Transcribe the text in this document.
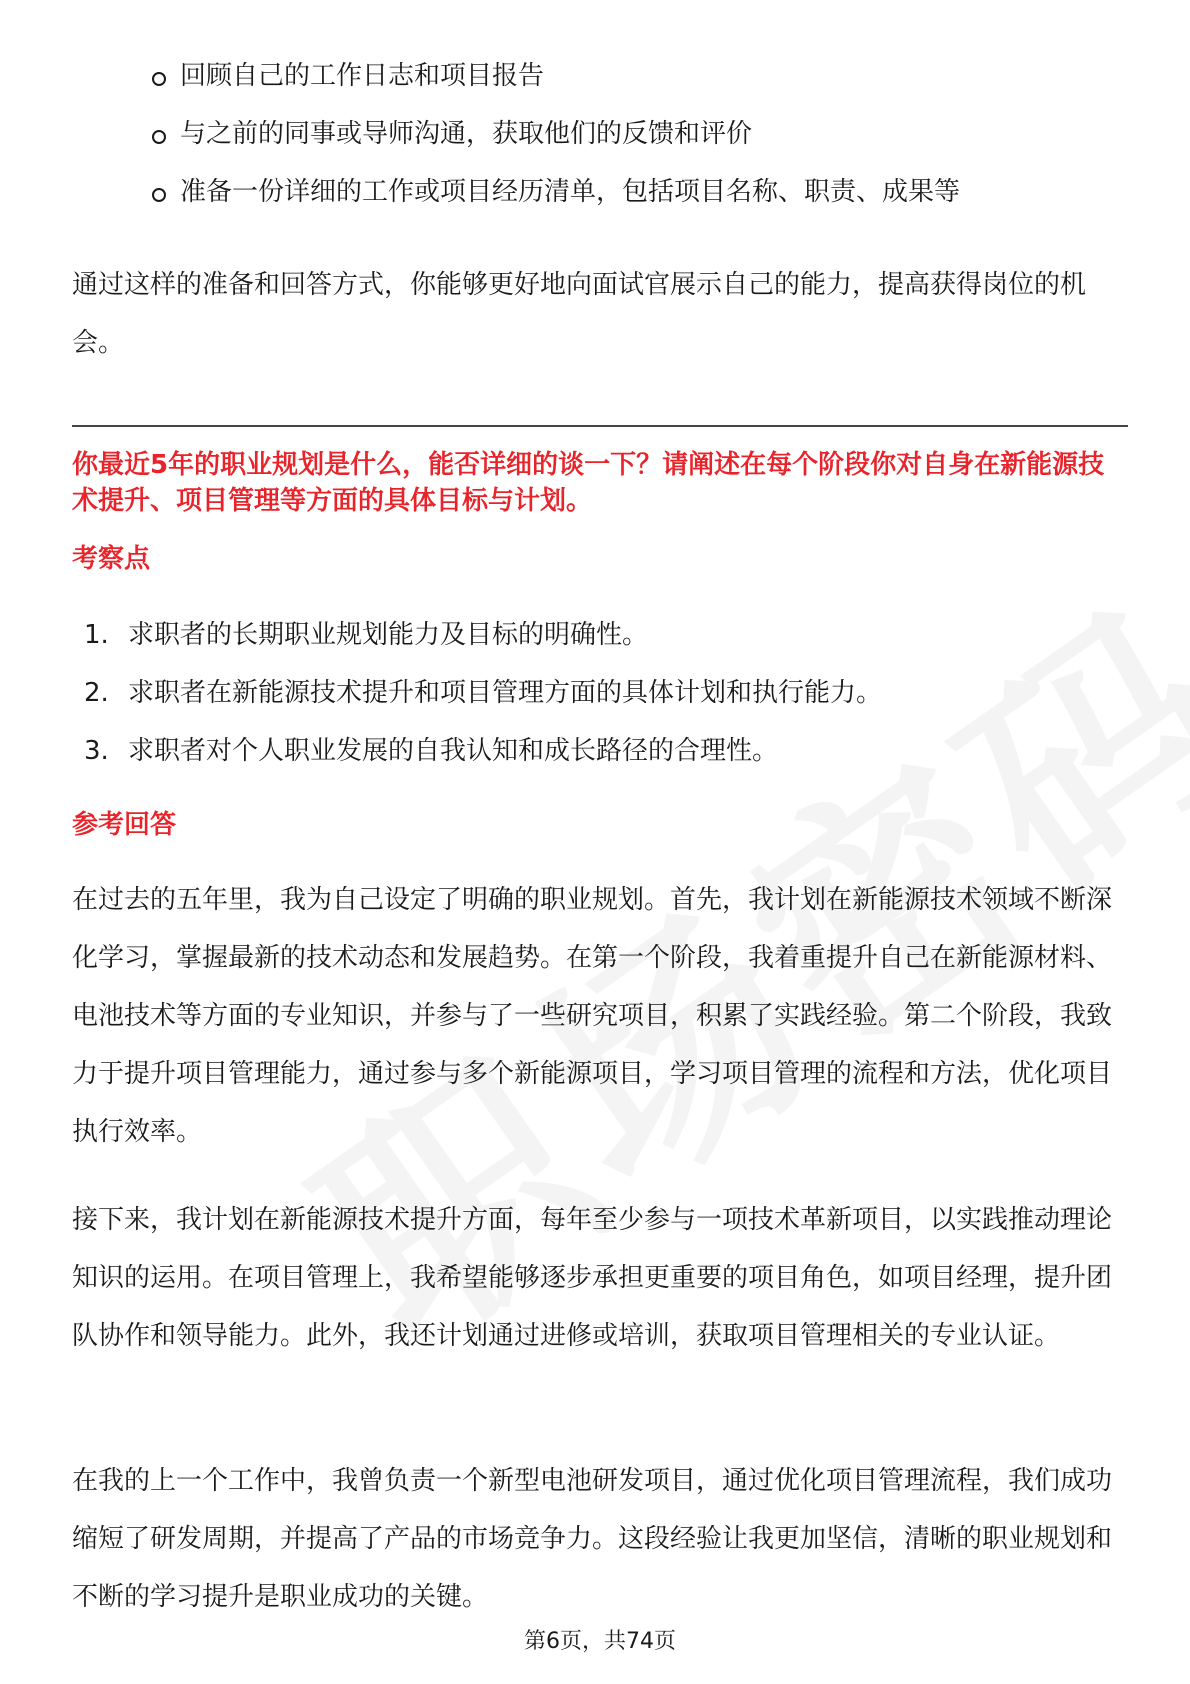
回顾自己的工作日志和项目报告
与之前的同事或导师沟通，获取他们的反馈和评价
准备一份详细的工作或项目经历清单，包括项目名称、职责、成果等

通过这样的准备和回答方式，你能够更好地向面试官展示自己的能力，提高获得岗位的机会。

你最近5年的职业规划是什么，能否详细的谈一下？请阐述在每个阶段你对自身在新能源技术提升、项目管理等方面的具体目标与计划。

考察点

1. 求职者的长期职业规划能力及目标的明确性。
2. 求职者在新能源技术提升和项目管理方面的具体计划和执行能力。
3. 求职者对个人职业发展的自我认知和成长路径的合理性。

参考回答

在过去的五年里，我为自己设定了明确的职业规划。首先，我计划在新能源技术领域不断深化学习，掌握最新的技术动态和发展趋势。在第一个阶段，我着重提升自己在新能源材料、电池技术等方面的专业知识，并参与了一些研究项目，积累了实践经验。第二个阶段，我致力于提升项目管理能力，通过参与多个新能源项目，学习项目管理的流程和方法，优化项目执行效率。

接下来，我计划在新能源技术提升方面，每年至少参与一项技术革新项目，以实践推动理论知识的运用。在项目管理上，我希望能够逐步承担更重要的项目角色，如项目经理，提升团队协作和领导能力。此外，我还计划通过进修或培训，获取项目管理相关的专业认证。

在我的上一个工作中，我曾负责一个新型电池研发项目，通过优化项目管理流程，我们成功缩短了研发周期，并提高了产品的市场竞争力。这段经验让我更加坚信，清晰的职业规划和不断的学习提升是职业成功的关键。

第6页，共74页
